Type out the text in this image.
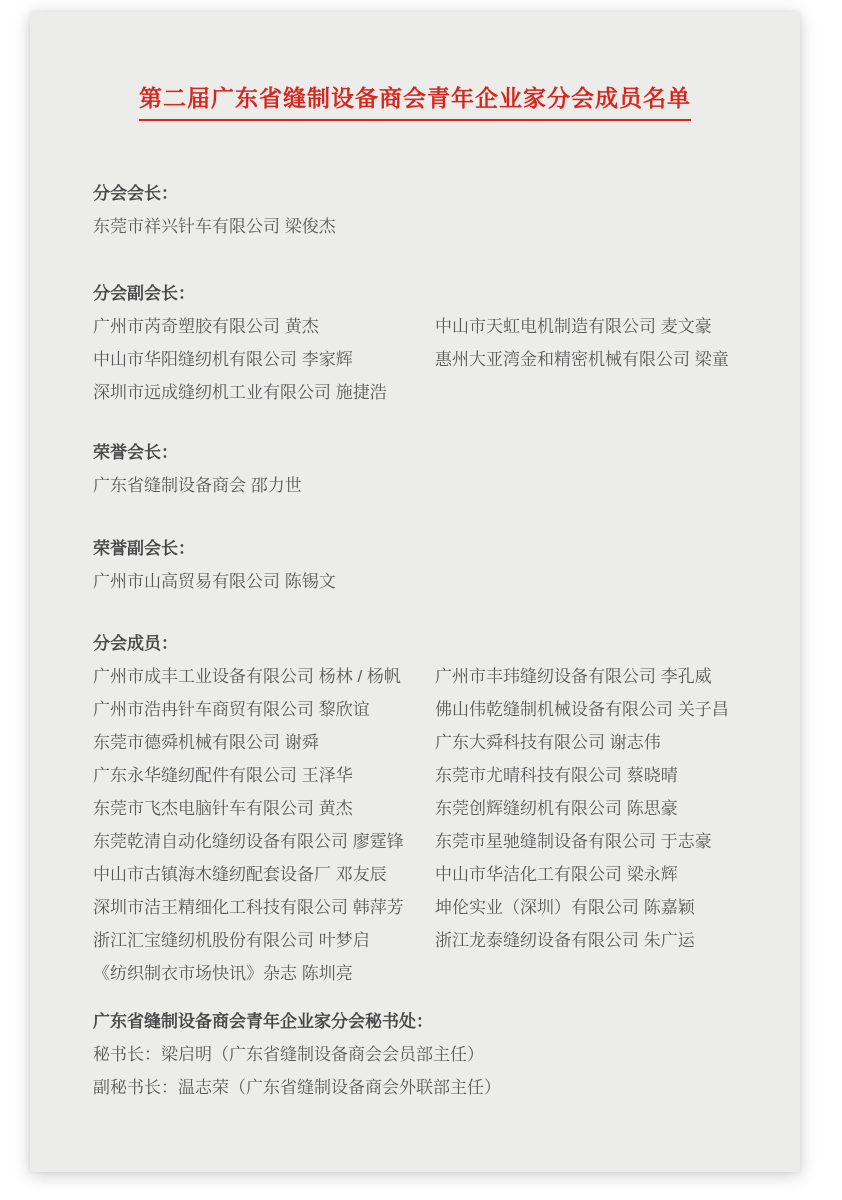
第二届广东省缝制设备商会青年企业家分会成员名单

分会会长：

东莞市祥兴针车有限公司 梁俊杰

分会副会长：

广州市芮奇塑胶有限公司 黄杰	中山市天虹电机制造有限公司 麦文豪
中山市华阳缝纫机有限公司 李家辉	惠州大亚湾金和精密机械有限公司 梁童
深圳市远成缝纫机工业有限公司 施捷浩

荣誉会长：

广东省缝制设备商会 邵力世

荣誉副会长：

广州市山高贸易有限公司 陈锡文

分会成员：

广州市成丰工业设备有限公司 杨林 / 杨帆	广州市丰玮缝纫设备有限公司 李孔威
广州市浩冉针车商贸有限公司 黎欣谊	佛山伟乾缝制机械设备有限公司 关子昌
东莞市德舜机械有限公司 谢舜	广东大舜科技有限公司 谢志伟
广东永华缝纫配件有限公司 王泽华	东莞市尤晴科技有限公司 蔡晓晴
东莞市飞杰电脑针车有限公司 黄杰	东莞创辉缝纫机有限公司 陈思豪
东莞乾清自动化缝纫设备有限公司 廖霆锋	东莞市星驰缝制设备有限公司 于志豪
中山市古镇海木缝纫配套设备厂 邓友辰	中山市华洁化工有限公司 梁永辉
深圳市洁王精细化工科技有限公司 韩萍芳	坤伦实业（深圳）有限公司 陈嘉颖
浙江汇宝缝纫机股份有限公司 叶梦启	浙江龙泰缝纫设备有限公司 朱广运
《纺织制衣市场快讯》杂志 陈圳亮

广东省缝制设备商会青年企业家分会秘书处：

秘书长：梁启明（广东省缝制设备商会会员部主任）

副秘书长：温志荣（广东省缝制设备商会外联部主任）
